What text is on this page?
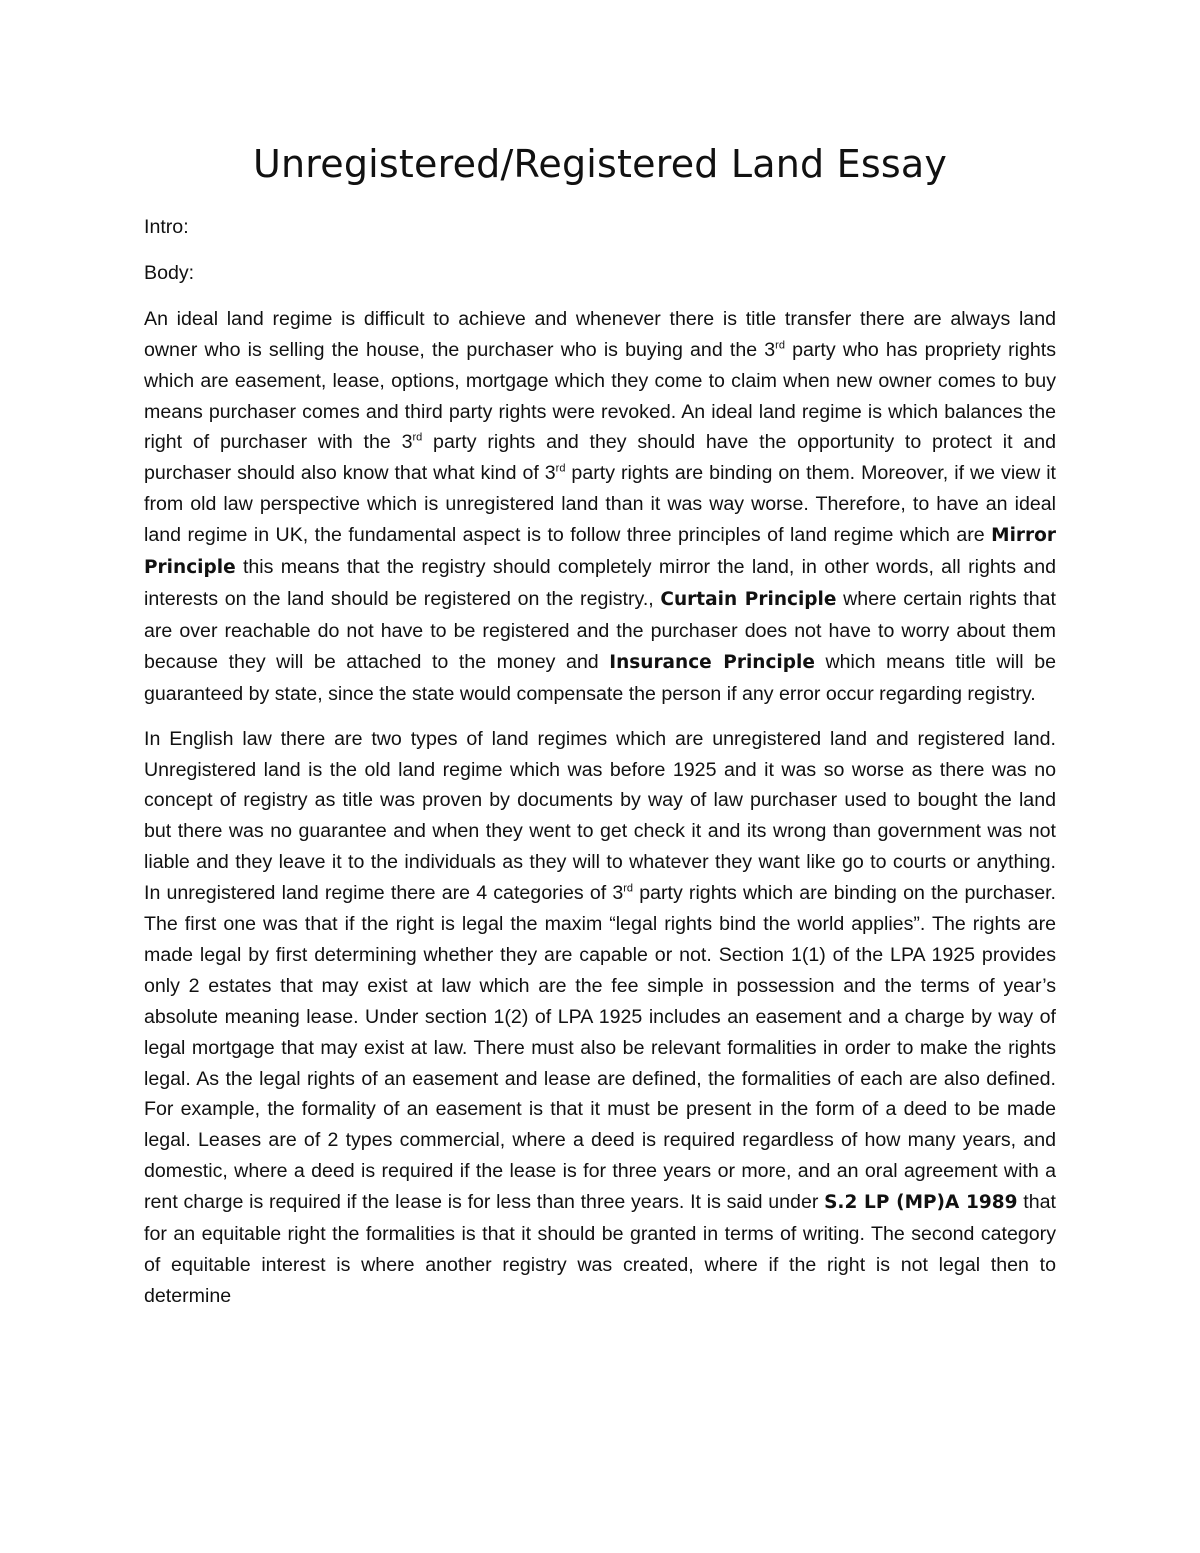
Unregistered/Registered Land Essay

Intro:

Body:

An ideal land regime is difficult to achieve and whenever there is title transfer there are always land owner who is selling the house, the purchaser who is buying and the 3rd party who has propriety rights which are easement, lease, options, mortgage which they come to claim when new owner comes to buy means purchaser comes and third party rights were revoked. An ideal land regime is which balances the right of purchaser with the 3rd party rights and they should have the opportunity to protect it and purchaser should also know that what kind of 3rd party rights are binding on them. Moreover, if we view it from old law perspective which is unregistered land than it was way worse. Therefore, to have an ideal land regime in UK, the fundamental aspect is to follow three principles of land regime which are Mirror Principle this means that the registry should completely mirror the land, in other words, all rights and interests on the land should be registered on the registry., Curtain Principle where certain rights that are over reachable do not have to be registered and the purchaser does not have to worry about them because they will be attached to the money and Insurance Principle which means title will be guaranteed by state, since the state would compensate the person if any error occur regarding registry.

In English law there are two types of land regimes which are unregistered land and registered land. Unregistered land is the old land regime which was before 1925 and it was so worse as there was no concept of registry as title was proven by documents by way of law purchaser used to bought the land but there was no guarantee and when they went to get check it and its wrong than government was not liable and they leave it to the individuals as they will to whatever they want like go to courts or anything. In unregistered land regime there are 4 categories of 3rd party rights which are binding on the purchaser. The first one was that if the right is legal the maxim “legal rights bind the world applies”. The rights are made legal by first determining whether they are capable or not. Section 1(1) of the LPA 1925 provides only 2 estates that may exist at law which are the fee simple in possession and the terms of year’s absolute meaning lease. Under section 1(2) of LPA 1925 includes an easement and a charge by way of legal mortgage that may exist at law. There must also be relevant formalities in order to make the rights legal. As the legal rights of an easement and lease are defined, the formalities of each are also defined. For example, the formality of an easement is that it must be present in the form of a deed to be made legal. Leases are of 2 types commercial, where a deed is required regardless of how many years, and domestic, where a deed is required if the lease is for three years or more, and an oral agreement with a rent charge is required if the lease is for less than three years. It is said under S.2 LP (MP)A 1989 that for an equitable right the formalities is that it should be granted in terms of writing. The second category of equitable interest is where another registry was created, where if the right is not legal then to determine
